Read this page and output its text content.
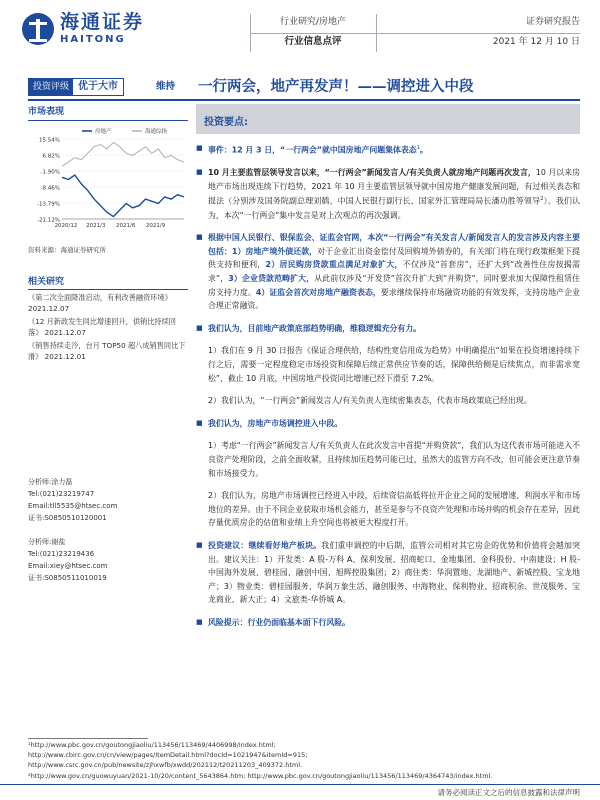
海通证券
HAITONG
行业研究/房地产
行业信息点评
证券研究报告
2021 年 12 月 10 日
投资评级 优于大市	维持 一行两会，地产再发声！——调控进入中段
市场表现
15.54%
6.82%
-1.90%
-8.46%
-13.79%
-21.12%
2020/12 2021/3 2021/6 2021/9
房地产	海通综指
资料来源：海通证券研究所
相关研究
《第二次全面降准启动，有利改善融资环境》 2021.12.07
《12 月新政发生同比增速回升，供销比持续回落》 2021.12.07
《销售持续走冷，台月 TOP50 超八成销售同比下滑》 2021.12.01
分析师:涂力磊
Tel:(021)23219747
Email:tll5535@htsec.com
证书:S0850510120001
分析师:谢盐
Tel:(021)23219436
Email:xiey@htsec.com
证书:S0850511010019
投资要点:
■ 事件：12 月 3 日，“一行两会”就中国房地产问题集体表态$^1$。
■ 10 月主要监管层领导发言以来，“一行两会”新闻发言人/有关负责人就房地产问题再次发言，10 月以来房地产市场出现连续下行趋势，2021 年 10 月主要监管层领导就中国房地产健康发展问题，有过相关表态和提法（分别涉及国务院副总理刘鹤、中国人民银行副行长、国家外汇管理局局长潘功胜等领导$^2$）。我们认为，本次“一行两会”集中发言是对上次观点的再次强调。
■ 根据中国人民银行、银保监会、证监会官网，本次“一行两会”有关发言人/新闻发言人的发言涉及内容主要包括：1）房地产境外债还款，对于企业汇出资金偿付及回购境外债券的，有关部门将在现行政策框架下提供支持和便利，2）居民购房贷款重点满足对象扩大，不仅涉及“首套房”，还扩大到“改善性住房按揭需求”，3）企业贷款范畴扩大，从此前仅涉及“开发贷”首次升扩大到“并购贷”，同时要求加大保障性租赁住房支持力度。4）证监会首次对房地产融资表态，要求继续保持市场融资功能的有效发挥，支持房地产企业合理正常融资。
■ 我们认为，目前地产政策底部趋势明确，维稳逻辑充分有力。
1）我们在 9 月 30 日报告《保证合理供给，结构性宽信用成为趋势》中明确提出“如果在投资增速持续下行之后，需要一定程度稳定市场投资和保障后续正常供应节奏的话，保障供给侧是后续焦点，而非需求宽松”，截止 10 月底，中国房地产投资同比增速已经下滑至 7.2%。
2）我们认为，“一行两会”新闻发言人/有关负责人连续密集表态，代表市场政策底已经出现。
■ 我们认为，房地产市场调控进入中段。
1）考虑“一行两会”新闻发言人/有关负责人在此次发言中首提“并购贷款”，我们认为这代表市场可能进入不良资产处理阶段，之前全面收紧，且持续加压趋势可能已过，虽然大的监管方向不改，但可能会更注意节奏和市场接受力。
2）我们认为，房地产市场调控已经进入中段，后续资信高低将拉开企业之间的发展增速、利润水平和市场地位的差异。由于不同企业获取市场机会能力，甚至是参与不良资产处理和市场并购的机会存在差异，因此存量优质房企的估值和业绩上升空间也将被更大程度打开。
■ 投资建议：继续看好地产板块。我们重申调控的中后期，监管公司相对其它房企的优势和价值将会越加突出。建议关注：1）开发类：A 股-万科 A、保利发展、招商蛇口、金地集团、金科股份、中南建设；H 股-中国海外发展、碧桂园、融创中国、旭辉控股集团；2）商住类：华润置地、龙湖地产、新城控股、宝龙地产；3）物业类：碧桂园服务、华润万象生活、融创服务、中海物业、保利物业、招商积余、世茂服务、宝龙商业、新大正；4）文旅类-华侨城 A。
■ 风险提示：行业仍面临基本面下行风险。
¹http://www.pbc.gov.cn/goutongjiaoliu/113456/113469/4406998/index.html;
http://www.cbirc.gov.cn/cn/view/pages/ItemDetail.html?docId=1021947&itemId=915;
http://www.csrc.gov.cn/pub/newsite/zjhxwfb/xwdd/202112/t20211203_409372.html.
²http://www.gov.cn/guowuyuan/2021-10/20/content_5643864.htm; http://www.pbc.gov.cn/goutongjiaoliu/113456/113469/4364743/index.html.
请务必阅读正文之后的信息披露和法律声明
